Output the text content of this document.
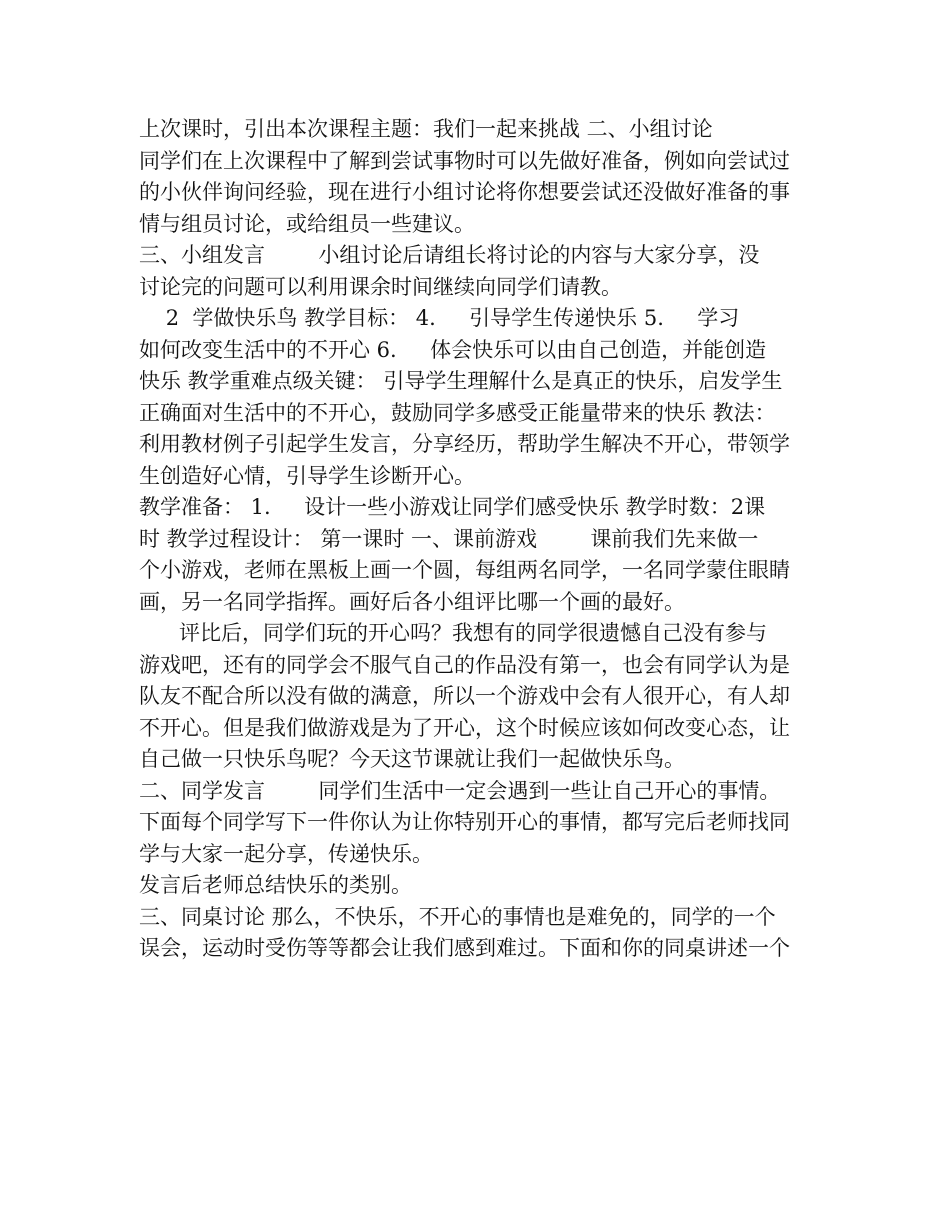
上次课时，引出本次课程主题：我们一起来挑战 二、小组讨论
同学们在上次课程中了解到尝试事物时可以先做好准备，例如向尝试过
的小伙伴询问经验，现在进行小组讨论将你想要尝试还没做好准备的事
情与组员讨论，或给组员一些建议。
三、小组发言        小组讨论后请组长将讨论的内容与大家分享，没
讨论完的问题可以利用课余时间继续向同学们请教。
2  学做快乐鸟 教学目标： 4.     引导学生传递快乐 5.     学习
如何改变生活中的不开心 6.     体会快乐可以由自己创造，并能创造
快乐 教学重难点级关键： 引导学生理解什么是真正的快乐，启发学生
正确面对生活中的不开心，鼓励同学多感受正能量带来的快乐 教法：
利用教材例子引起学生发言，分享经历，帮助学生解决不开心，带领学
生创造好心情，引导学生诊断开心。
教学准备： 1.     设计一些小游戏让同学们感受快乐 教学时数：2课
时 教学过程设计： 第一课时 一、课前游戏        课前我们先来做一
个小游戏，老师在黑板上画一个圆，每组两名同学，一名同学蒙住眼睛
画，另一名同学指挥。画好后各小组评比哪一个画的最好。
评比后，同学们玩的开心吗？我想有的同学很遗憾自己没有参与
游戏吧，还有的同学会不服气自己的作品没有第一，也会有同学认为是
队友不配合所以没有做的满意，所以一个游戏中会有人很开心，有人却
不开心。但是我们做游戏是为了开心，这个时候应该如何改变心态，让
自己做一只快乐鸟呢？今天这节课就让我们一起做快乐鸟。
二、同学发言        同学们生活中一定会遇到一些让自己开心的事情。
下面每个同学写下一件你认为让你特别开心的事情，都写完后老师找同
学与大家一起分享，传递快乐。
发言后老师总结快乐的类别。
三、同桌讨论 那么，不快乐，不开心的事情也是难免的，同学的一个
误会，运动时受伤等等都会让我们感到难过。下面和你的同桌讲述一个
